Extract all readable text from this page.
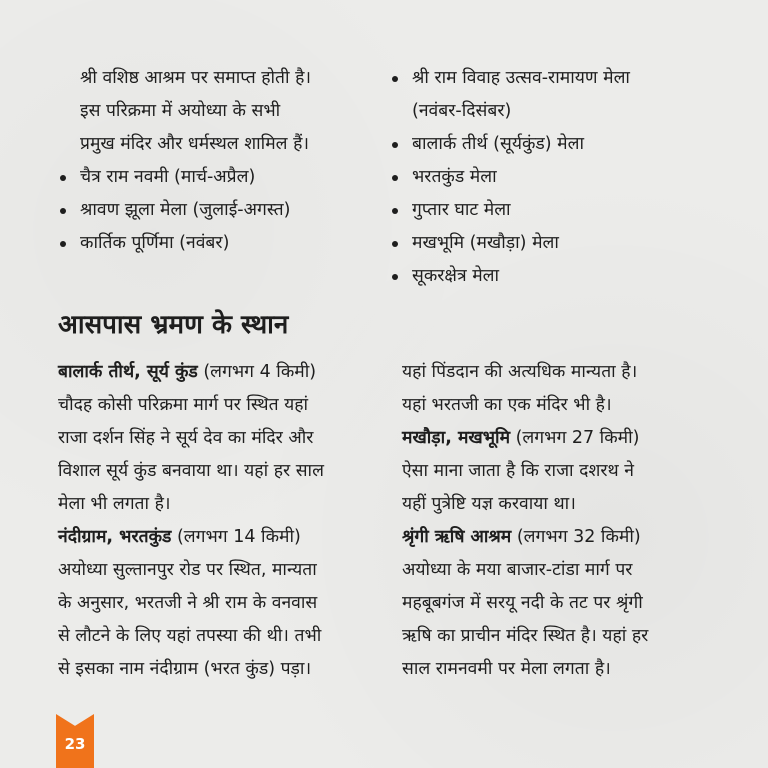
श्री वशिष्ठ आश्रम पर समाप्त होती है।

इस परिक्रमा में अयोध्या के सभी

प्रमुख मंदिर और धर्मस्थल शामिल हैं।

चैत्र राम नवमी (मार्च-अप्रैल)
श्रावण झूला मेला (जुलाई-अगस्त)
कार्तिक पूर्णिमा (नवंबर)
श्री राम विवाह उत्सव-रामायण मेला
(नवंबर-दिसंबर)
बालार्क तीर्थ (सूर्यकुंड) मेला
भरतकुंड मेला
गुप्तार घाट मेला
मखभूमि (मखौड़ा) मेला
सूकरक्षेत्र मेला
आसपास भ्रमण के स्थान

बालार्क तीर्थ, सूर्य कुंड (लगभग 4 किमी)

चौदह कोसी परिक्रमा मार्ग पर स्थित यहां

राजा दर्शन सिंह ने सूर्य देव का मंदिर और

विशाल सूर्य कुंड बनवाया था। यहां हर साल

मेला भी लगता है।

नंदीग्राम, भरतकुंड (लगभग 14 किमी)

अयोध्या सुल्तानपुर रोड पर स्थित, मान्यता

के अनुसार, भरतजी ने श्री राम के वनवास

से लौटने के लिए यहां तपस्या की थी। तभी

से इसका नाम नंदीग्राम (भरत कुंड) पड़ा।

यहां पिंडदान की अत्यधिक मान्यता है।

यहां भरतजी का एक मंदिर भी है।

मखौड़ा, मखभूमि (लगभग 27 किमी)

ऐसा माना जाता है कि राजा दशरथ ने

यहीं पुत्रेष्टि यज्ञ करवाया था।

श्रृंगी ऋषि आश्रम (लगभग 32 किमी)

अयोध्या के मया बाजार-टांडा मार्ग पर

महबूबगंज में सरयू नदी के तट पर श्रृंगी

ऋषि का प्राचीन मंदिर स्थित है। यहां हर

साल रामनवमी पर मेला लगता है।

23
